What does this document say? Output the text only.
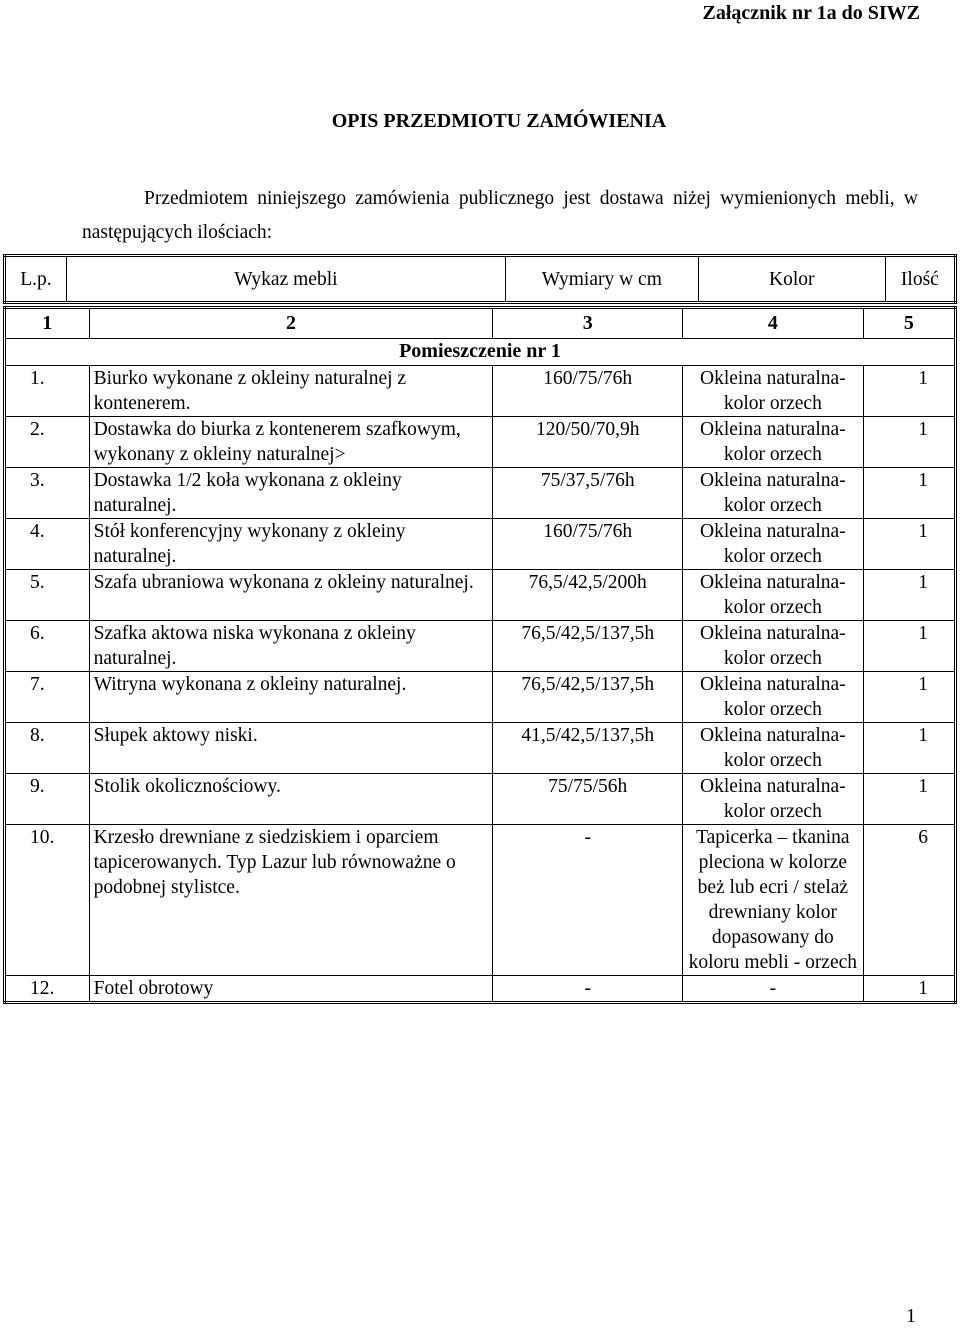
Załącznik nr 1a do SIWZ
OPIS PRZEDMIOTU ZAMÓWIENIA
Przedmiotem niniejszego zamówienia publicznego jest dostawa niżej wymienionych mebli, w następujących ilościach:
L.p.	Wykaz mebli	Wymiary w cm	Kolor	Ilość
1	2	3	4	5
Pomieszczenie nr 1				
1.	Biurko wykonane z okleiny naturalnej z kontenerem.	160/75/76h	Okleina naturalna- kolor orzech	1
2.	Dostawka do biurka z kontenerem szafkowym, wykonany z okleiny naturalnej>	120/50/70,9h	Okleina naturalna- kolor orzech	1
3.	Dostawka 1/2 koła wykonana z okleiny naturalnej.	75/37,5/76h	Okleina naturalna- kolor orzech	1
4.	Stół konferencyjny wykonany z okleiny naturalnej.	160/75/76h	Okleina naturalna- kolor orzech	1
5.	Szafa ubraniowa wykonana z okleiny naturalnej.	76,5/42,5/200h	Okleina naturalna- kolor orzech	1
6.	Szafka aktowa niska wykonana z okleiny naturalnej.	76,5/42,5/137,5h	Okleina naturalna- kolor orzech	1
7.	Witryna wykonana z okleiny naturalnej.	76,5/42,5/137,5h	Okleina naturalna- kolor orzech	1
8.	Słupek aktowy niski.	41,5/42,5/137,5h	Okleina naturalna- kolor orzech	1
9.	Stolik okolicznościowy.	75/75/56h	Okleina naturalna- kolor orzech	1
10.	Krzesło drewniane z siedziskiem i oparciem tapicerowanych. Typ Lazur lub równoważne o podobnej stylistce.	-	Tapicerka – tkanina pleciona w kolorze beż lub ecri / stelaż drewniany kolor dopasowany do koloru mebli - orzech	6
12.	Fotel obrotowy	-	-	1
1
